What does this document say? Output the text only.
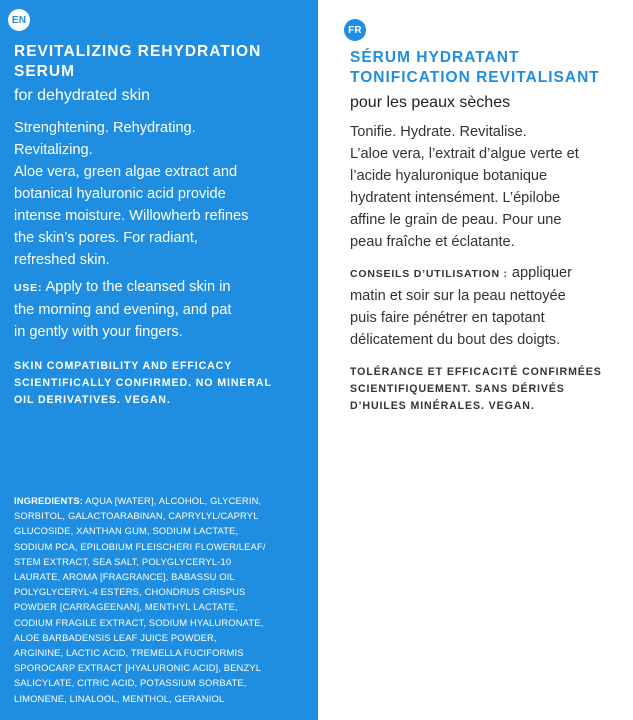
EN
REVITALIZING REHYDRATION
SERUM
for dehydrated skin
Strenghtening. Rehydrating.
Revitalizing.
Aloe vera, green algae extract and
botanical hyaluronic acid provide
intense moisture. Willowherb refines
the skin’s pores. For radiant,
refreshed skin.
USE: Apply to the cleansed skin in
the morning and evening, and pat
in gently with your fingers.
SKIN COMPATIBILITY AND EFFICACY
SCIENTIFICALLY CONFIRMED. NO MINERAL
OIL DERIVATIVES. VEGAN.
INGREDIENTS: AQUA [WATER], ALCOHOL, GLYCERIN,
SORBITOL, GALACTOARABINAN, CAPRYLYL/CAPRYL
GLUCOSIDE, XANTHAN GUM, SODIUM LACTATE,
SODIUM PCA, EPILOBIUM FLEISCHERI FLOWER/LEAF/
STEM EXTRACT, SEA SALT, POLYGLYCERYL-10
LAURATE, AROMA [FRAGRANCE], BABASSU OIL
POLYGLYCERYL-4 ESTERS, CHONDRUS CRISPUS
POWDER [CARRAGEENAN], MENTHYL LACTATE,
CODIUM FRAGILE EXTRACT, SODIUM HYALURONATE,
ALOE BARBADENSIS LEAF JUICE POWDER,
ARGININE, LACTIC ACID, TREMELLA FUCIFORMIS
SPOROCARP EXTRACT [HYALURONIC ACID], BENZYL
SALICYLATE, CITRIC ACID, POTASSIUM SORBATE,
LIMONENE, LINALOOL, MENTHOL, GERANIOL
FR
SÉRUM HYDRATANT
TONIFICATION REVITALISANT
pour les peaux sèches
Tonifie. Hydrate. Revitalise.
L’aloe vera, l’extrait d’algue verte et
l’acide hyaluronique botanique
hydratent intensément. L’épilobe
affine le grain de peau. Pour une
peau fraîche et éclatante.
CONSEILS D’UTILISATION : appliquer
matin et soir sur la peau nettoyée
puis faire pénétrer en tapotant
délicatement du bout des doigts.
TOLÉRANCE ET EFFICACITÉ CONFIRMÉES
SCIENTIFIQUEMENT. SANS DÉRIVÉS
D’HUILES MINÉRALES. VEGAN.
